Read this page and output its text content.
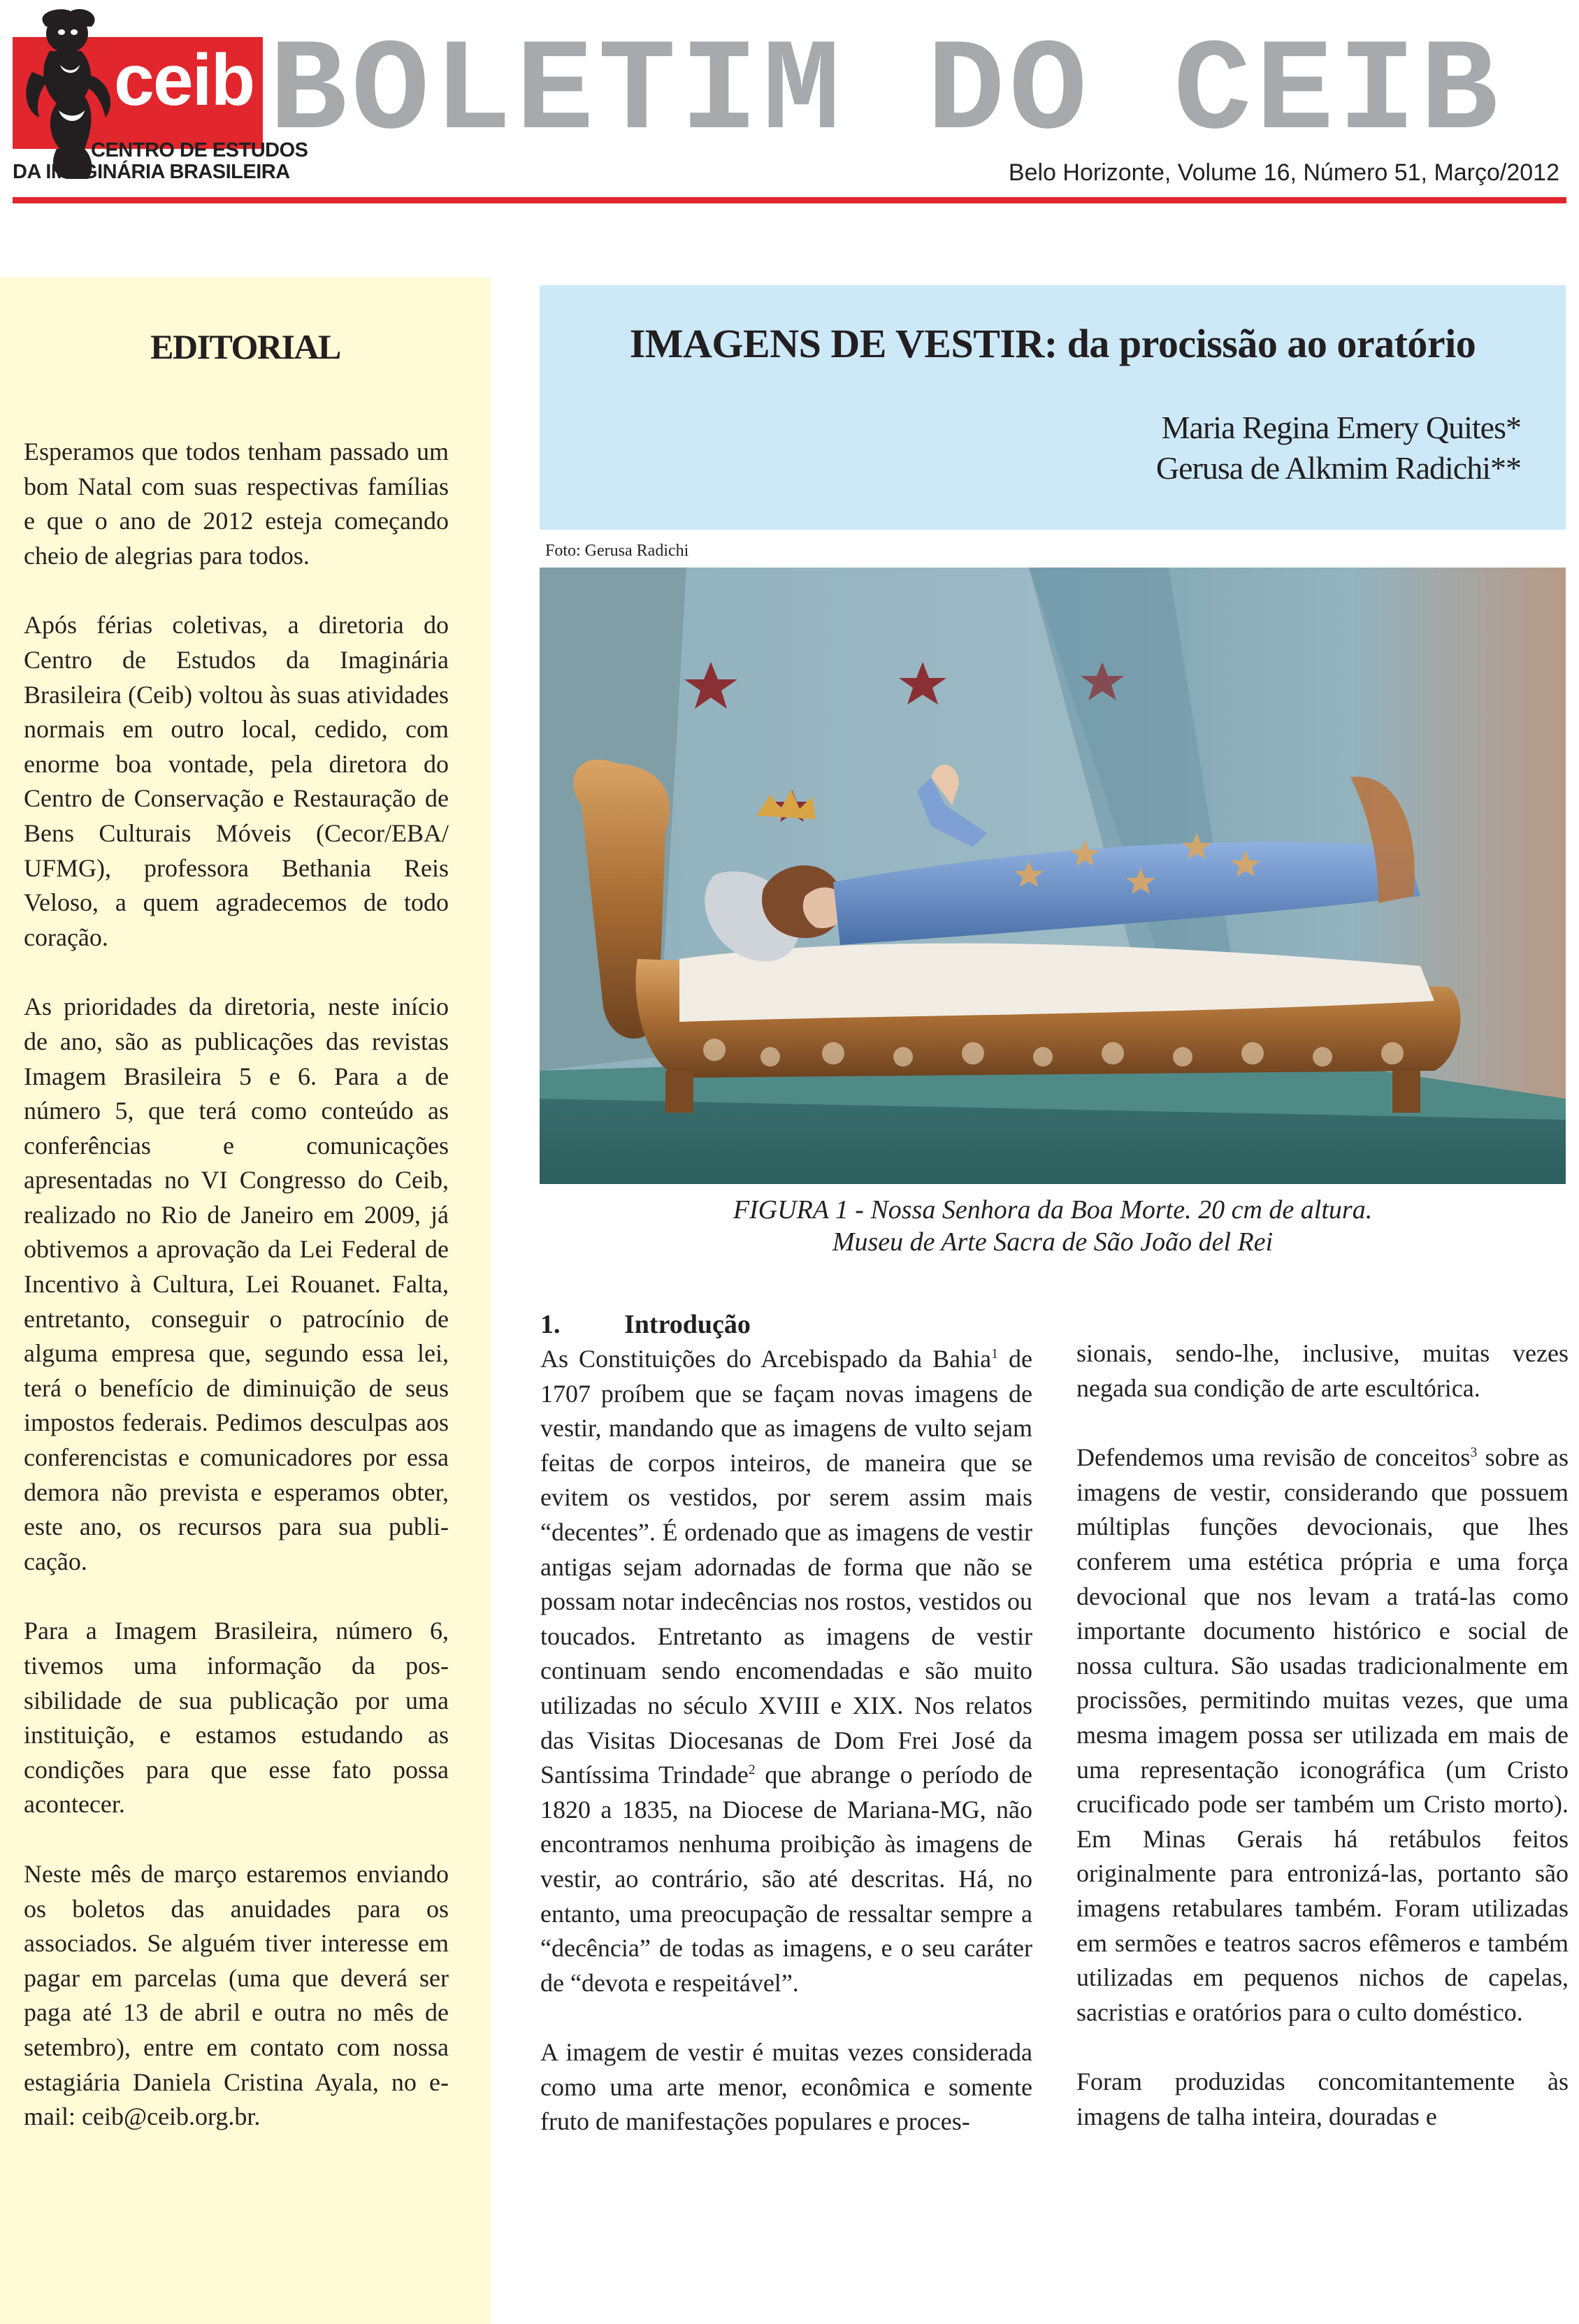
ceib
CENTRO DE ESTUDOS
DA IMAGINÁRIA BRASILEIRA
BOLETIM DO CEIB
Belo Horizonte, Volume 16, Número 51, Março/2012
EDITORIAL

Esperamos que todos tenham passado um bom Natal com suas respectivas famílias e que o ano de 2012 esteja começando cheio de alegrias para todos.

Após férias coletivas, a diretoria do Centro de Estudos da Imaginária Brasileira (Ceib) voltou às suas atividades normais em outro local, cedido, com enorme boa vontade, pela diretora do Centro de Conservação e Restauração de Bens Culturais Móveis (Cecor/EBA/ UFMG), professora Bethania Reis Veloso, a quem agradecemos de todo coração.

As prioridades da diretoria, neste início de ano, são as publicações das revistas Imagem Brasileira 5 e 6. Para a de número 5, que terá como conteúdo as conferências e comunicações apresentadas no VI Congresso do Ceib, realizado no Rio de Janeiro em 2009, já obtivemos a aprovação da Lei Federal de Incentivo à Cultura, Lei Rouanet. Falta, entretanto, conseguir o patrocínio de alguma empresa que, segundo essa lei, terá o benefício de diminuição de seus impostos federais. Pedimos desculpas aos conferencistas e comunicadores por essa demora não prevista e esperamos obter, este ano, os recursos para sua publi-cação.

Para a Imagem Brasileira, número 6, tivemos uma informação da pos-sibilidade de sua publicação por uma instituição, e estamos estudando as condições para que esse fato possa acontecer.

Neste mês de março estaremos enviando os boletos das anuidades para os associados. Se alguém tiver interesse em pagar em parcelas (uma que deverá ser paga até 13 de abril e outra no mês de setembro), entre em contato com nossa estagiária Daniela Cristina Ayala, no e-mail: ceib@ceib.org.br.

IMAGENS DE VESTIR: da procissão ao oratório
Maria Regina Emery Quites*
Gerusa de Alkmim Radichi**
Foto: Gerusa Radichi
FIGURA 1 - Nossa Senhora da Boa Morte. 20 cm de altura.
Museu de Arte Sacra de São João del Rei
1. Introdução

As Constituições do Arcebispado da Bahia$^1$ de 1707 proíbem que se façam novas imagens de vestir, mandando que as imagens de vulto sejam feitas de corpos inteiros, de maneira que se evitem os vestidos, por serem assim mais “decentes”. É ordenado que as imagens de vestir antigas sejam adornadas de forma que não se possam notar indecências nos rostos, vestidos ou toucados. Entretanto as imagens de vestir continuam sendo encomendadas e são muito utilizadas no século XVIII e XIX. Nos relatos das Visitas Diocesanas de Dom Frei José da Santíssima Trindade$^2$ que abrange o período de 1820 a 1835, na Diocese de Mariana-MG, não encontramos nenhuma proibição às imagens de vestir, ao contrário, são até descritas. Há, no entanto, uma preocupação de ressaltar sempre a “decência” de todas as imagens, e o seu caráter de “devota e respeitável”.

A imagem de vestir é muitas vezes considerada como uma arte menor, econômica e somente fruto de manifestações populares e proces-

sionais, sendo-lhe, inclusive, muitas vezes negada sua condição de arte escultórica.

Defendemos uma revisão de conceitos$^3$ sobre as imagens de vestir, considerando que possuem múltiplas funções devocionais, que lhes conferem uma estética própria e uma força devocional que nos levam a tratá-las como importante documento histórico e social de nossa cultura. São usadas tradicionalmente em procissões, permitindo muitas vezes, que uma mesma imagem possa ser utilizada em mais de uma representação iconográfica (um Cristo crucificado pode ser também um Cristo morto). Em Minas Gerais há retábulos feitos originalmente para entronizá-las, portanto são imagens retabulares também. Foram utilizadas em sermões e teatros sacros efêmeros e também utilizadas em pequenos nichos de capelas, sacristias e oratórios para o culto doméstico.

Foram produzidas concomitantemente às imagens de talha inteira, douradas e
